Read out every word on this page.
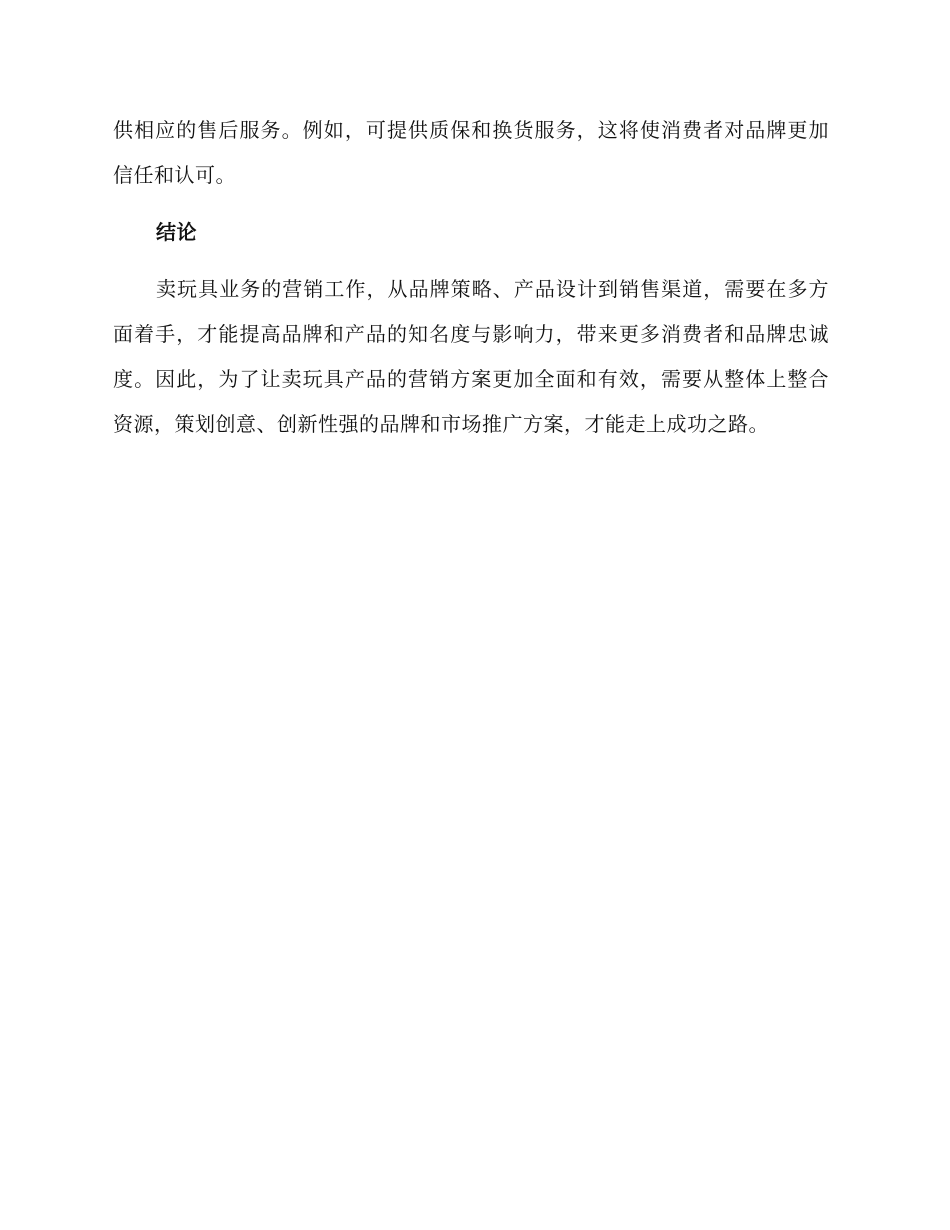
供相应的售后服务。例如，可提供质保和换货服务，这将使消费者对品牌更加信任和认可。

结论

卖玩具业务的营销工作，从品牌策略、产品设计到销售渠道，需要在多方面着手，才能提高品牌和产品的知名度与影响力，带来更多消费者和品牌忠诚度。因此，为了让卖玩具产品的营销方案更加全面和有效，需要从整体上整合资源，策划创意、创新性强的品牌和市场推广方案，才能走上成功之路。
